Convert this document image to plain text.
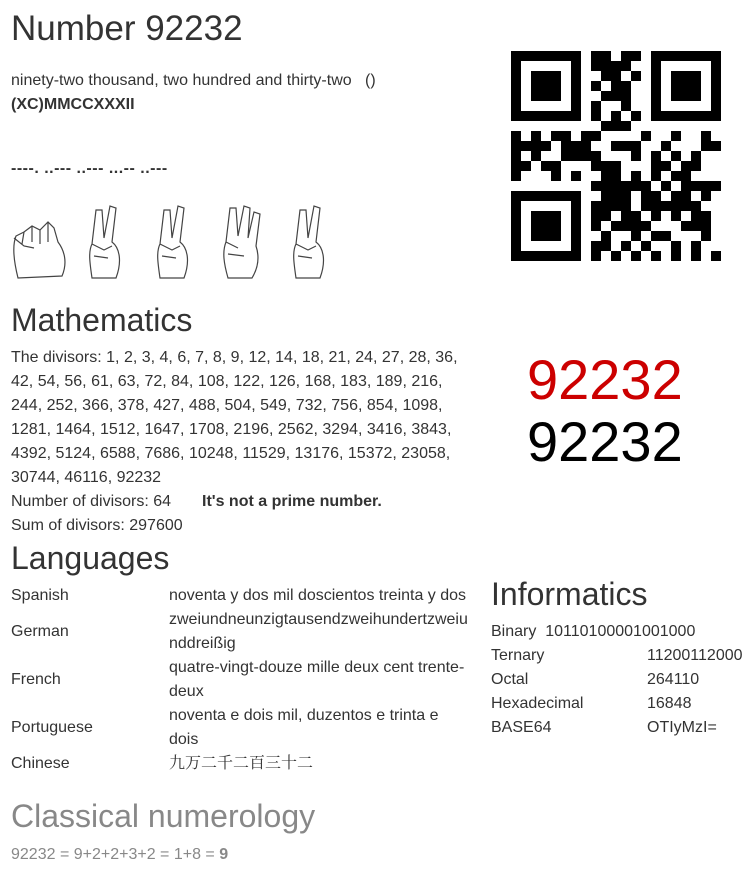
Number 92232
ninety-two thousand, two hundred and thirty-two ()   (XC)MMCCXXXII
----. ..--- ..--- ...-- ..---
Mathematics
The divisors: 1, 2, 3, 4, 6, 7, 8, 9, 12, 14, 18, 21, 24, 27, 28, 36, 42, 54, 56, 61, 63, 72, 84, 108, 122, 126, 168, 183, 189, 216, 244, 252, 366, 378, 427, 488, 504, 549, 732, 756, 854, 1098, 1281, 1464, 1512, 1647, 1708, 2196, 2562, 3294, 3416, 3843, 4392, 5124, 6588, 7686, 10248, 11529, 13176, 15372, 23058, 30744, 46116, 92232
Number of divisors: 64 It's not a prime number.
Sum of divisors: 297600
92232
92232
Languages
Spanish	noventa y dos mil doscientos treinta y dos
German	zweiundneunzigtausendzweihundertzweiunddreißig
French	quatre-vingt-douze mille deux cent trente-deux
Portuguese	noventa e dois mil, duzentos e trinta e dois
Chinese	九万二千二百三十二
Informatics
Binary 10110100001001000
Ternary	11200112000
Octal	264110
Hexadecimal	16848
BASE64	OTIyMzI=
Classical numerology
92232 = 9+2+2+3+2 = 1+8 = 9
